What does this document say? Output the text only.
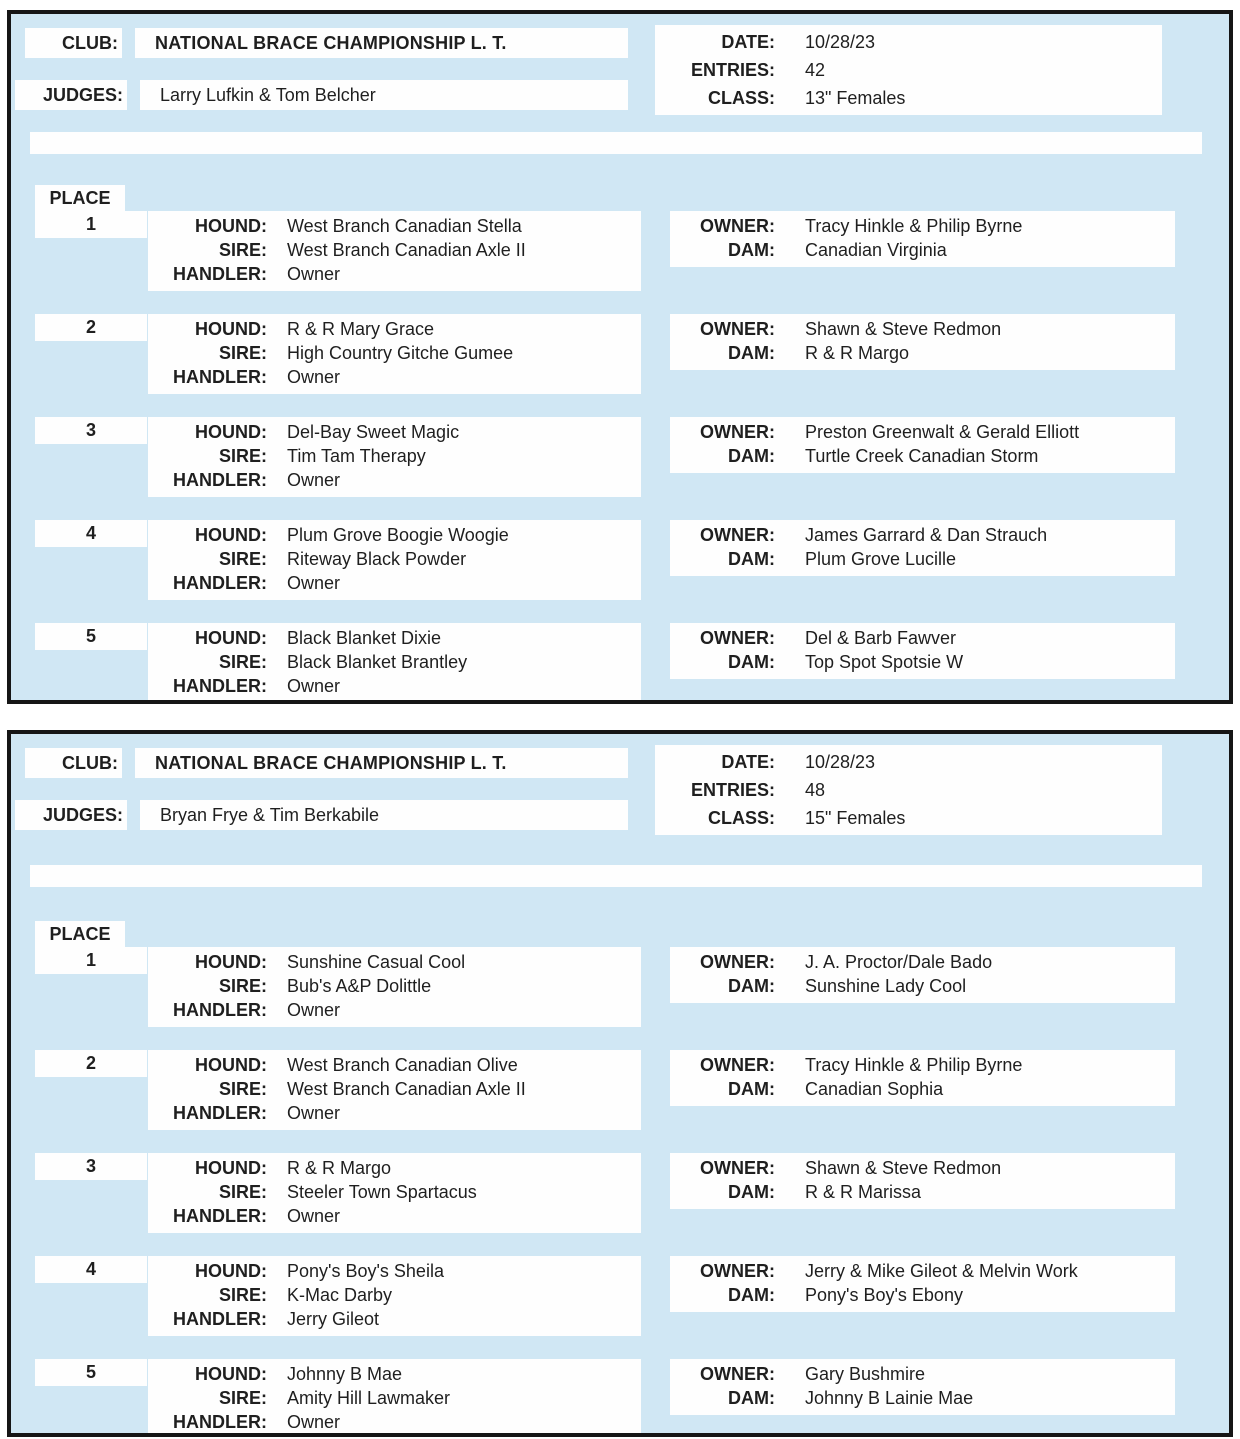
CLUB:	NATIONAL BRACE CHAMPIONSHIP L. T.
JUDGES:	Larry Lufkin & Tom Belcher
DATE: 10/28/23
ENTRIES: 42
CLASS: 13" Females
PLACE
1	HOUND: West Branch Canadian Stella
SIRE: West Branch Canadian Axle II
HANDLER: Owner
OWNER: Tracy Hinkle & Philip Byrne
DAM: Canadian Virginia
2	HOUND: R & R Mary Grace
SIRE: High Country Gitche Gumee
HANDLER: Owner
OWNER: Shawn & Steve Redmon
DAM: R & R Margo
3	HOUND: Del-Bay Sweet Magic
SIRE: Tim Tam Therapy
HANDLER: Owner
OWNER: Preston Greenwalt & Gerald Elliott
DAM: Turtle Creek Canadian Storm
4	HOUND: Plum Grove Boogie Woogie
SIRE: Riteway Black Powder
HANDLER: Owner
OWNER: James Garrard & Dan Strauch
DAM: Plum Grove Lucille
5	HOUND: Black Blanket Dixie
SIRE: Black Blanket Brantley
HANDLER: Owner
OWNER: Del & Barb Fawver
DAM: Top Spot Spotsie W
CLUB:	NATIONAL BRACE CHAMPIONSHIP L. T.
JUDGES:	Bryan Frye & Tim Berkabile
DATE: 10/28/23
ENTRIES: 48
CLASS: 15" Females
PLACE
1	HOUND: Sunshine Casual Cool
SIRE: Bub's A&P Dolittle
HANDLER: Owner
OWNER: J. A. Proctor/Dale Bado
DAM: Sunshine Lady Cool
2	HOUND: West Branch Canadian Olive
SIRE: West Branch Canadian Axle II
HANDLER: Owner
OWNER: Tracy Hinkle & Philip Byrne
DAM: Canadian Sophia
3	HOUND: R & R Margo
SIRE: Steeler Town Spartacus
HANDLER: Owner
OWNER: Shawn & Steve Redmon
DAM: R & R Marissa
4	HOUND: Pony's Boy's Sheila
SIRE: K-Mac Darby
HANDLER: Jerry Gileot
OWNER: Jerry & Mike Gileot & Melvin Work
DAM: Pony's Boy's Ebony
5	HOUND: Johnny B Mae
SIRE: Amity Hill Lawmaker
HANDLER: Owner
OWNER: Gary Bushmire
DAM: Johnny B Lainie Mae
